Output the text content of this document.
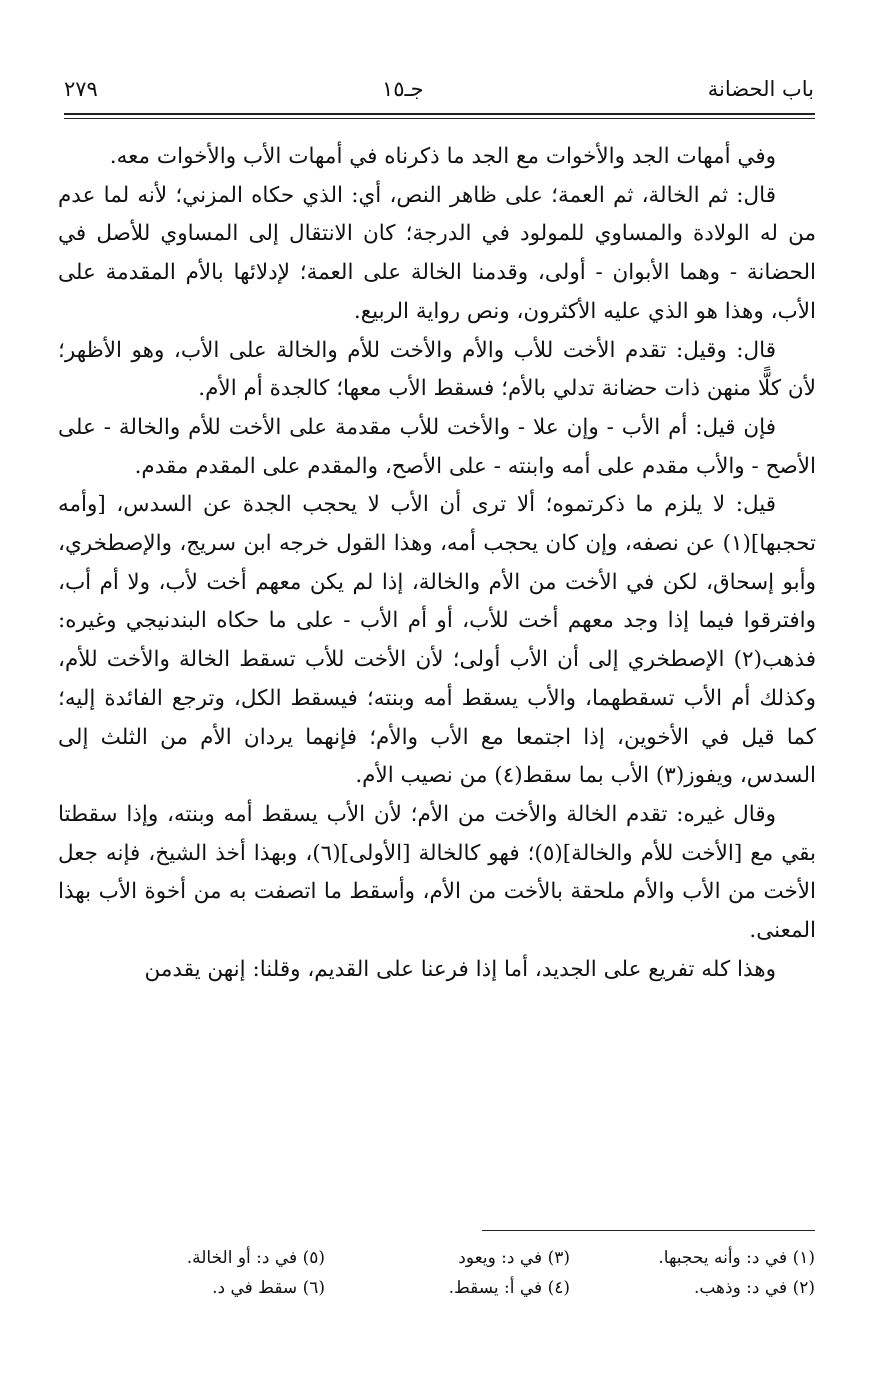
باب الحضانة
جـ١٥
٢٧٩

وفي أمهات الجد والأخوات مع الجد ما ذكرناه في أمهات الأب والأخوات معه.

قال: ثم الخالة، ثم العمة؛ على ظاهر النص، أي: الذي حكاه المزني؛ لأنه لما عدم من له الولادة والمساوي للمولود في الدرجة؛ كان الانتقال إلى المساوي للأصل في الحضانة - وهما الأبوان - أولى، وقدمنا الخالة على العمة؛ لإدلائها بالأم المقدمة على الأب، وهذا هو الذي عليه الأكثرون، ونص رواية الربيع.

قال: وقيل: تقدم الأخت للأب والأم والأخت للأم والخالة على الأب، وهو الأظهر؛ لأن كلًّا منهن ذات حضانة تدلي بالأم؛ فسقط الأب معها؛ كالجدة أم الأم.

فإن قيل: أم الأب - وإن علا - والأخت للأب مقدمة على الأخت للأم والخالة - على الأصح - والأب مقدم على أمه وابنته - على الأصح، والمقدم على المقدم مقدم.

قيل: لا يلزم ما ذكرتموه؛ ألا ترى أن الأب لا يحجب الجدة عن السدس، [وأمه تحجبها](١) عن نصفه، وإن كان يحجب أمه، وهذا القول خرجه ابن سريج، والإصطخري، وأبو إسحاق، لكن في الأخت من الأم والخالة، إذا لم يكن معهم أخت لأب، ولا أم أب، وافترقوا فيما إذا وجد معهم أخت للأب، أو أم الأب - على ما حكاه البندنيجي وغيره: فذهب(٢) الإصطخري إلى أن الأب أولى؛ لأن الأخت للأب تسقط الخالة والأخت للأم، وكذلك أم الأب تسقطهما، والأب يسقط أمه وبنته؛ فيسقط الكل، وترجع الفائدة إليه؛ كما قيل في الأخوين، إذا اجتمعا مع الأب والأم؛ فإنهما يردان الأم من الثلث إلى السدس، ويفوز(٣) الأب بما سقط(٤) من نصيب الأم.

وقال غيره: تقدم الخالة والأخت من الأم؛ لأن الأب يسقط أمه وبنته، وإذا سقطتا بقي مع [الأخت للأم والخالة](٥)؛ فهو كالخالة [الأولى](٦)، وبهذا أخذ الشيخ، فإنه جعل الأخت من الأب والأم ملحقة بالأخت من الأم، وأسقط ما اتصفت به من أخوة الأب بهذا المعنى.

وهذا كله تفريع على الجديد، أما إذا فرعنا على القديم، وقلنا: إنهن يقدمن

(١) في د: وأنه يحجبها.
(٣) في د: ويعود
(٥) في د: أو الخالة.
(٢) في د: وذهب.
(٤) في أ: يسقط.
(٦) سقط في د.
